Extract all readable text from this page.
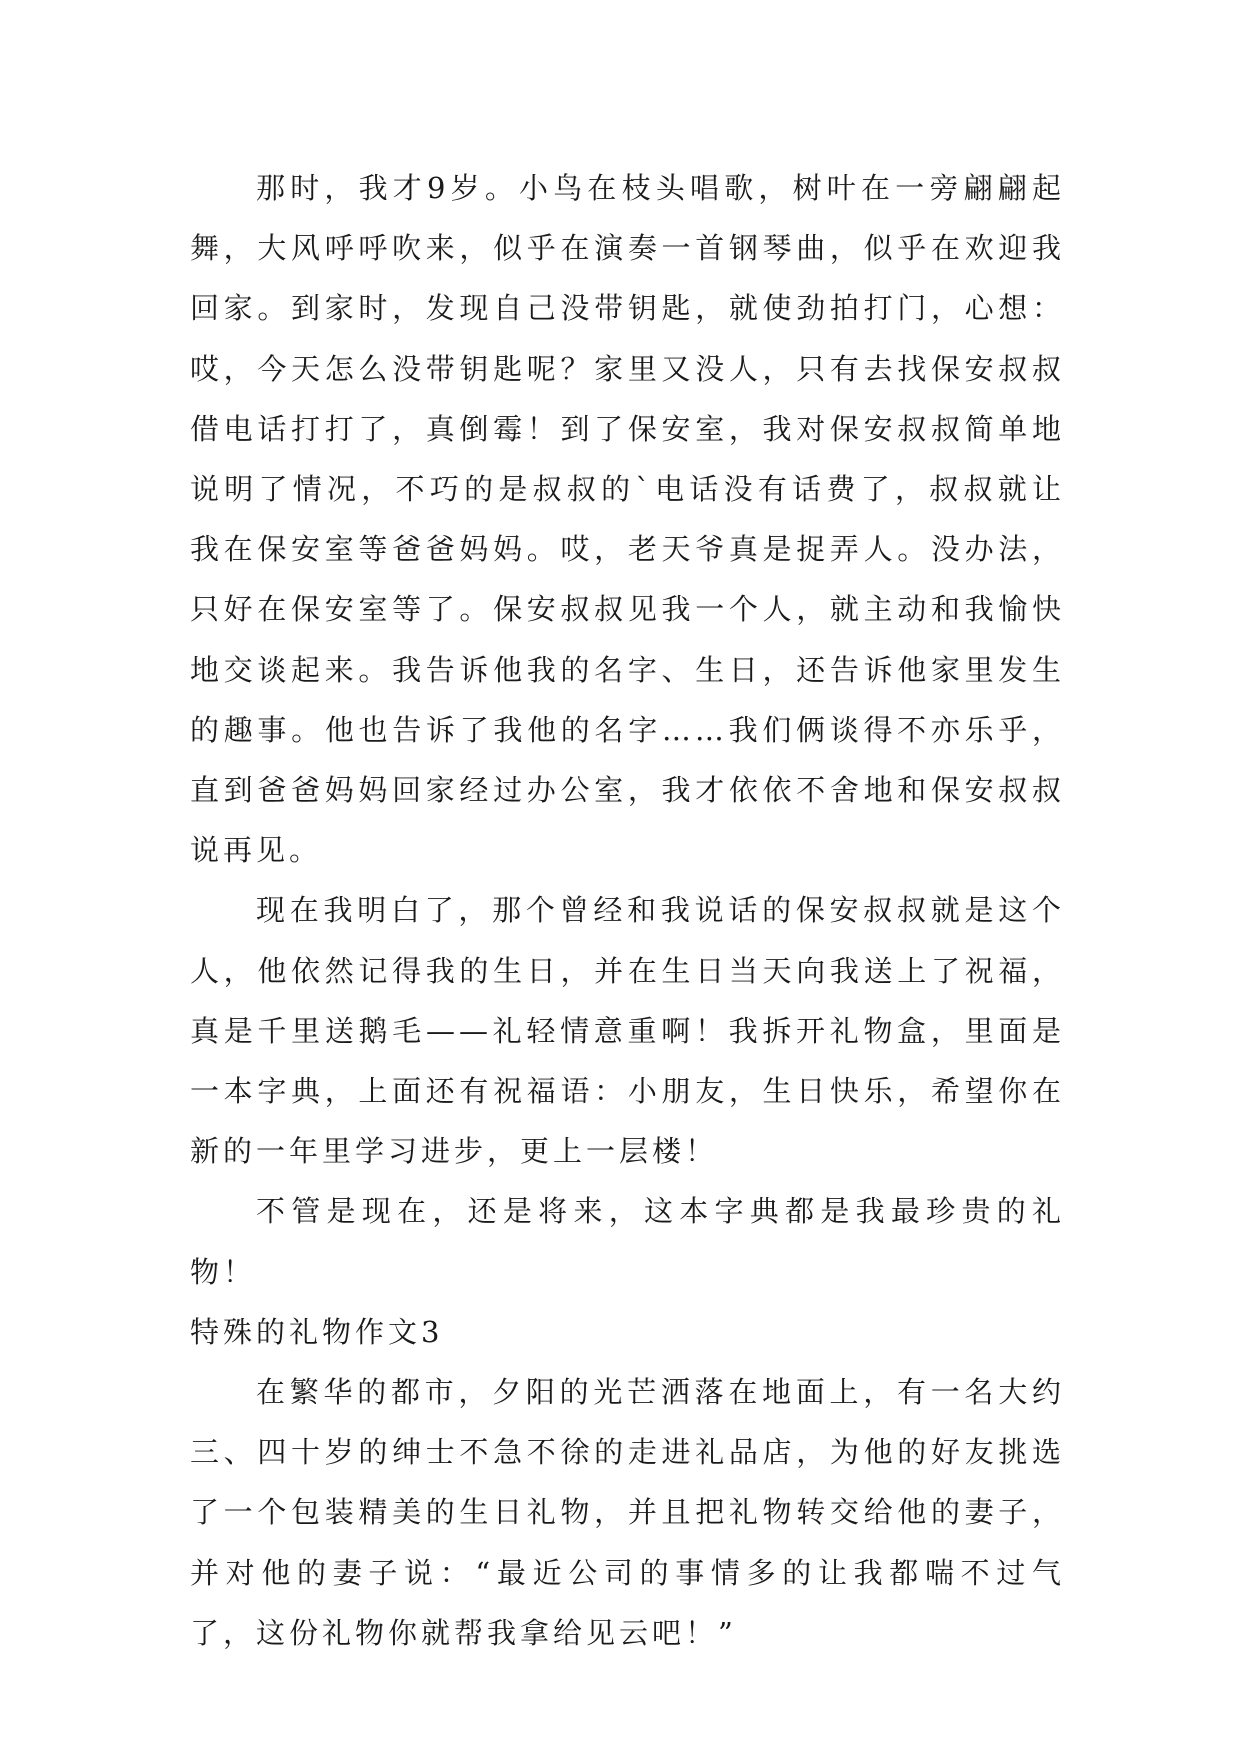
那时，我才9岁。小鸟在枝头唱歌，树叶在一旁翩翩起舞，大风呼呼吹来，似乎在演奏一首钢琴曲，似乎在欢迎我回家。到家时，发现自己没带钥匙，就使劲拍打门，心想：哎，今天怎么没带钥匙呢？家里又没人，只有去找保安叔叔借电话打打了，真倒霉！到了保安室，我对保安叔叔简单地说明了情况，不巧的是叔叔的`电话没有话费了，叔叔就让我在保安室等爸爸妈妈。哎，老天爷真是捉弄人。没办法，只好在保安室等了。保安叔叔见我一个人，就主动和我愉快地交谈起来。我告诉他我的名字、生日，还告诉他家里发生的趣事。他也告诉了我他的名字……我们俩谈得不亦乐乎，直到爸爸妈妈回家经过办公室，我才依依不舍地和保安叔叔说再见。

现在我明白了，那个曾经和我说话的保安叔叔就是这个人，他依然记得我的生日，并在生日当天向我送上了祝福，真是千里送鹅毛——礼轻情意重啊！我拆开礼物盒，里面是一本字典，上面还有祝福语：小朋友，生日快乐，希望你在新的一年里学习进步，更上一层楼！

不管是现在，还是将来，这本字典都是我最珍贵的礼物！

特殊的礼物作文3

在繁华的都市，夕阳的光芒洒落在地面上，有一名大约三、四十岁的绅士不急不徐的走进礼品店，为他的好友挑选了一个包装精美的生日礼物，并且把礼物转交给他的妻子，并对他的妻子说：“最近公司的事情多的让我都喘不过气了，这份礼物你就帮我拿给见云吧！”
